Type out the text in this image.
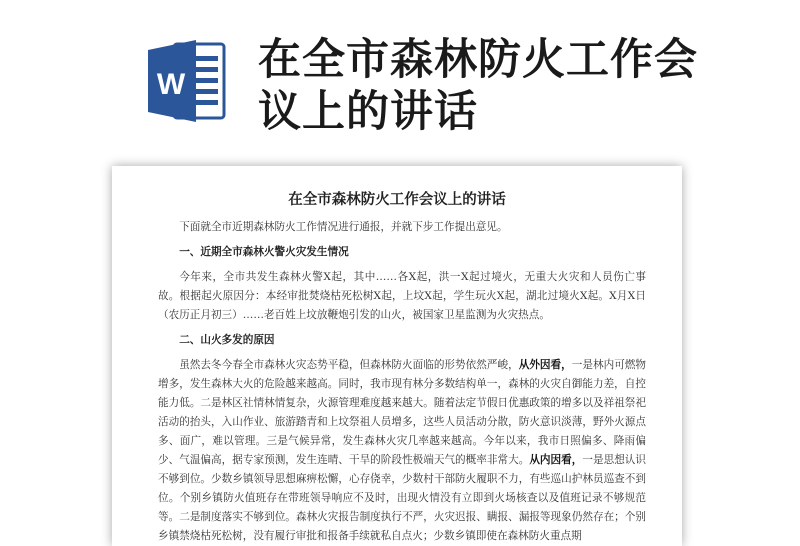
W 在全市森林防火工作会议上的讲话
在全市森林防火工作会议上的讲话

下面就全市近期森林防火工作情况进行通报，并就下步工作提出意见。

一、近期全市森林火警火灾发生情况

今年来，全市共发生森林火警X起，其中……各X起，洪一X起过境火，无重大火灾和人员伤亡事故。根据起火原因分：本经审批焚烧枯死松树X起，上坟X起，学生玩火X起，湖北过境火X起。X月X日（农历正月初三）……老百姓上坟放鞭炮引发的山火，被国家卫星监测为火灾热点。

二、山火多发的原因

虽然去冬今春全市森林火灾态势平稳，但森林防火面临的形势依然严峻，从外因看，一是林内可燃物增多，发生森林大火的危险越来越高。同时，我市现有林分多数结构单一，森林的火灾自御能力差，自控能力低。二是林区社情林情复杂，火源管理难度越来越大。随着法定节假日优惠政策的增多以及祥祖祭祀活动的抬头，入山作业、旅游踏青和上坟祭祖人员增多，这些人员活动分散，防火意识淡薄，野外火源点多、面广，难以管理。三是气候异常，发生森林火灾几率越来越高。今年以来，我市日照偏多、降雨偏少、气温偏高，据专家预测，发生连晴、干旱的阶段性极端天气的概率非常大。从内因看，一是思想认识不够到位。少数乡镇领导思想麻痹松懈，心存侥幸，少数村干部防火履职不力，有些巡山护林员巡查不到位。个别乡镇防火值班存在带班领导响应不及时，出现火情没有立即到火场核查以及值班记录不够规范等。二是制度落实不够到位。森林火灾报告制度执行不严，火灾迟报、瞒报、漏报等现象仍然存在；个别乡镇禁烧枯死松树，没有履行审批和报备手续就私自点火；少数乡镇即使在森林防火重点期
